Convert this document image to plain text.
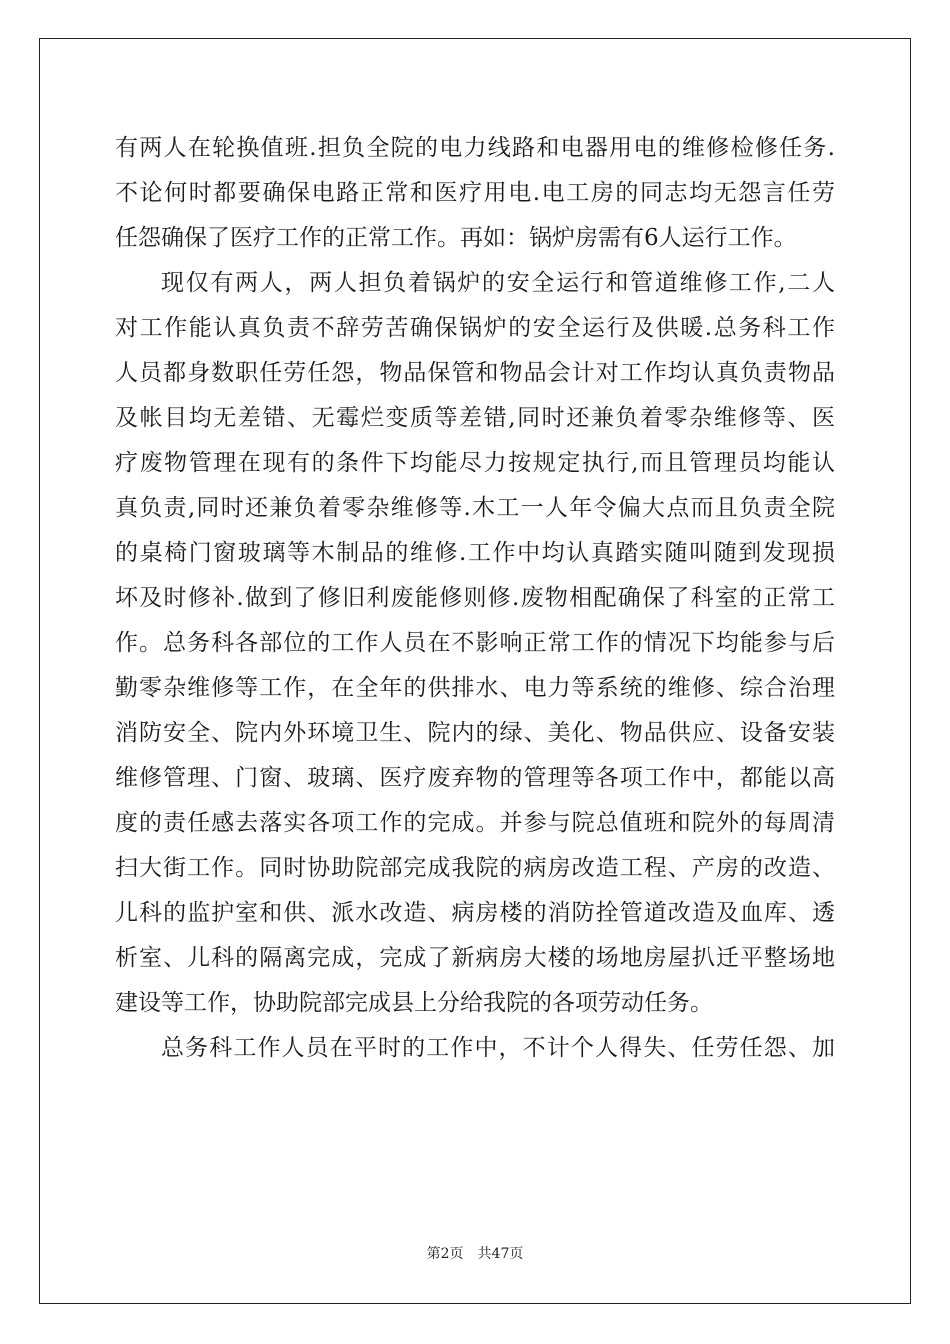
有两人在轮换值班.担负全院的电力线路和电器用电的维修检修任务.
不论何时都要确保电路正常和医疗用电.电工房的同志均无怨言任劳
任怨确保了医疗工作的正常工作。再如：锅炉房需有6人运行工作。
现仅有两人，两人担负着锅炉的安全运行和管道维修工作,二人
对工作能认真负责不辞劳苦确保锅炉的安全运行及供暖.总务科工作
人员都身数职任劳任怨，物品保管和物品会计对工作均认真负责物品
及帐目均无差错、无霉烂变质等差错,同时还兼负着零杂维修等、医
疗废物管理在现有的条件下均能尽力按规定执行,而且管理员均能认
真负责,同时还兼负着零杂维修等.木工一人年令偏大点而且负责全院
的桌椅门窗玻璃等木制品的维修.工作中均认真踏实随叫随到发现损
坏及时修补.做到了修旧利废能修则修.废物相配确保了科室的正常工
作。总务科各部位的工作人员在不影响正常工作的情况下均能参与后
勤零杂维修等工作，在全年的供排水、电力等系统的维修、综合治理
消防安全、院内外环境卫生、院内的绿、美化、物品供应、设备安装
维修管理、门窗、玻璃、医疗废弃物的管理等各项工作中，都能以高
度的责任感去落实各项工作的完成。并参与院总值班和院外的每周清
扫大街工作。同时协助院部完成我院的病房改造工程、产房的改造、
儿科的监护室和供、派水改造、病房楼的消防拴管道改造及血库、透
析室、儿科的隔离完成，完成了新病房大楼的场地房屋扒迁平整场地
建设等工作，协助院部完成县上分给我院的各项劳动任务。
总务科工作人员在平时的工作中，不计个人得失、任劳任怨、加
第2页 共47页
